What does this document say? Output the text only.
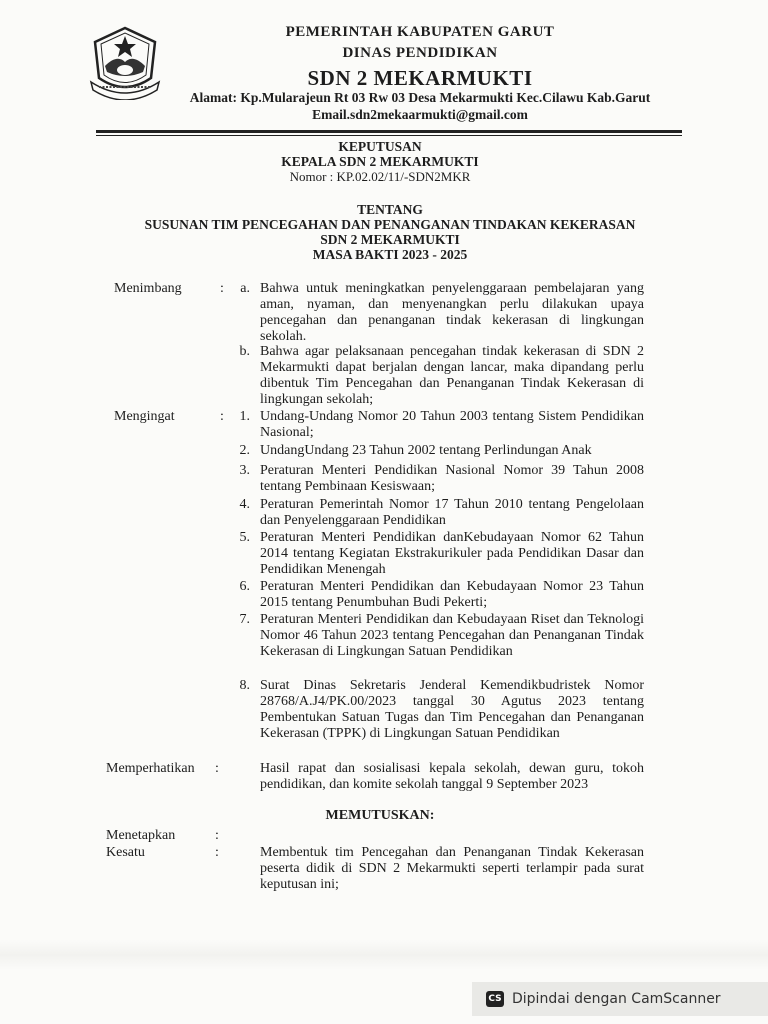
PEMERINTAH KABUPATEN GARUT
DINAS PENDIDIKAN
SDN 2 MEKARMUKTI
Alamat: Kp.Mularajeun Rt 03 Rw 03 Desa Mekarmukti Kec.Cilawu Kab.Garut
Email.sdn2mekaarmukti@gmail.com
KEPUTUSAN
KEPALA SDN 2 MEKARMUKTI
Nomor : KP.02.02/11/-SDN2MKR
TENTANG
SUSUNAN TIM PENCEGAHAN DAN PENANGANAN TINDAKAN KEKERASAN
SDN 2 MEKARMUKTI
MASA BAKTI 2023 - 2025
Menimbang	:	a. Bahwa untuk meningkatkan penyelenggaraan pembelajaran yang aman, nyaman, dan menyenangkan perlu dilakukan upaya pencegahan dan penanganan tindak kekerasan di lingkungan sekolah.
b. Bahwa agar pelaksanaan pencegahan tindak kekerasan di SDN 2 Mekarmukti dapat berjalan dengan lancar, maka dipandang perlu dibentuk Tim Pencegahan dan Penanganan Tindak Kekerasan di lingkungan sekolah;
Mengingat	:	1. Undang-Undang Nomor 20 Tahun 2003 tentang Sistem Pendidikan Nasional;
2. UndangUndang 23 Tahun 2002 tentang Perlindungan Anak
3. Peraturan Menteri Pendidikan Nasional Nomor 39 Tahun 2008 tentang Pembinaan Kesiswaan;
4. Peraturan Pemerintah Nomor 17 Tahun 2010 tentang Pengelolaan dan Penyelenggaraan Pendidikan
5. Peraturan Menteri Pendidikan danKebudayaan Nomor 62 Tahun 2014 tentang Kegiatan Ekstrakurikuler pada Pendidikan Dasar dan Pendidikan Menengah
6. Peraturan Menteri Pendidikan dan Kebudayaan Nomor 23 Tahun 2015 tentang Penumbuhan Budi Pekerti;
7. Peraturan Menteri Pendidikan dan Kebudayaan Riset dan Teknologi Nomor 46 Tahun 2023 tentang Pencegahan dan Penanganan Tindak Kekerasan di Lingkungan Satuan Pendidikan
8. Surat Dinas Sekretaris Jenderal Kemendikbudristek Nomor 28768/A.J4/PK.00/2023 tanggal 30 Agutus 2023 tentang Pembentukan Satuan Tugas dan Tim Pencegahan dan Penanganan Kekerasan (TPPK) di Lingkungan Satuan Pendidikan
Memperhatikan :	Hasil rapat dan sosialisasi kepala sekolah, dewan guru, tokoh pendidikan, dan komite sekolah tanggal 9 September 2023
MEMUTUSKAN:
Menetapkan	:
Kesatu	:	Membentuk tim Pencegahan dan Penanganan Tindak Kekerasan peserta didik di SDN 2 Mekarmukti seperti terlampir pada surat keputusan ini;
CS Dipindai dengan CamScanner
